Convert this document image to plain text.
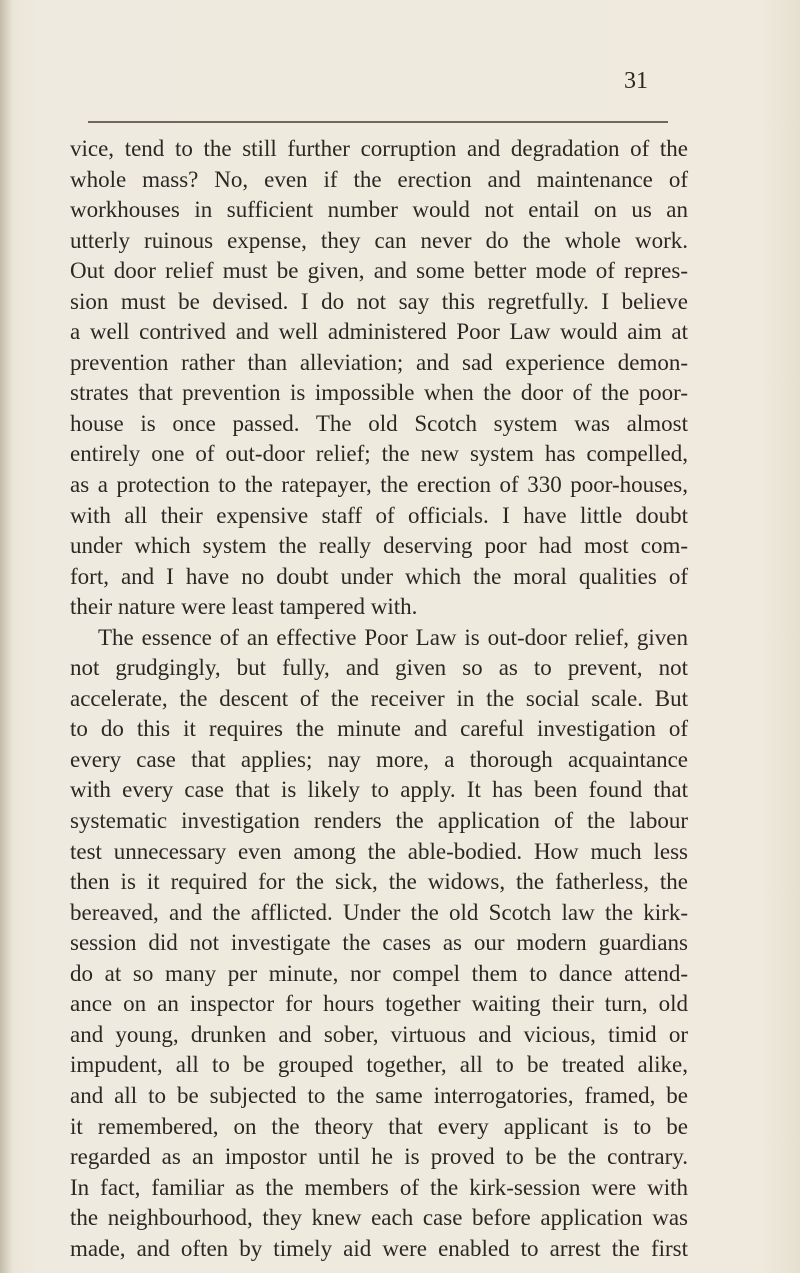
31
vice, tend to the still further corruption and degradation of the
whole mass? No, even if the erection and maintenance of
workhouses in sufficient number would not entail on us an
utterly ruinous expense, they can never do the whole work.
Out door relief must be given, and some better mode of repres-
sion must be devised. I do not say this regretfully. I believe
a well contrived and well administered Poor Law would aim at
prevention rather than alleviation; and sad experience demon-
strates that prevention is impossible when the door of the poor-
house is once passed. The old Scotch system was almost
entirely one of out-door relief; the new system has compelled,
as a protection to the ratepayer, the erection of 330 poor-houses,
with all their expensive staff of officials. I have little doubt
under which system the really deserving poor had most com-
fort, and I have no doubt under which the moral qualities of
their nature were least tampered with.
The essence of an effective Poor Law is out-door relief, given
not grudgingly, but fully, and given so as to prevent, not
accelerate, the descent of the receiver in the social scale. But
to do this it requires the minute and careful investigation of
every case that applies; nay more, a thorough acquaintance
with every case that is likely to apply. It has been found that
systematic investigation renders the application of the labour
test unnecessary even among the able-bodied. How much less
then is it required for the sick, the widows, the fatherless, the
bereaved, and the afflicted. Under the old Scotch law the kirk-
session did not investigate the cases as our modern guardians
do at so many per minute, nor compel them to dance attend-
ance on an inspector for hours together waiting their turn, old
and young, drunken and sober, virtuous and vicious, timid or
impudent, all to be grouped together, all to be treated alike,
and all to be subjected to the same interrogatories, framed, be
it remembered, on the theory that every applicant is to be
regarded as an impostor until he is proved to be the contrary.
In fact, familiar as the members of the kirk-session were with
the neighbourhood, they knew each case before application was
made, and often by timely aid were enabled to arrest the first
